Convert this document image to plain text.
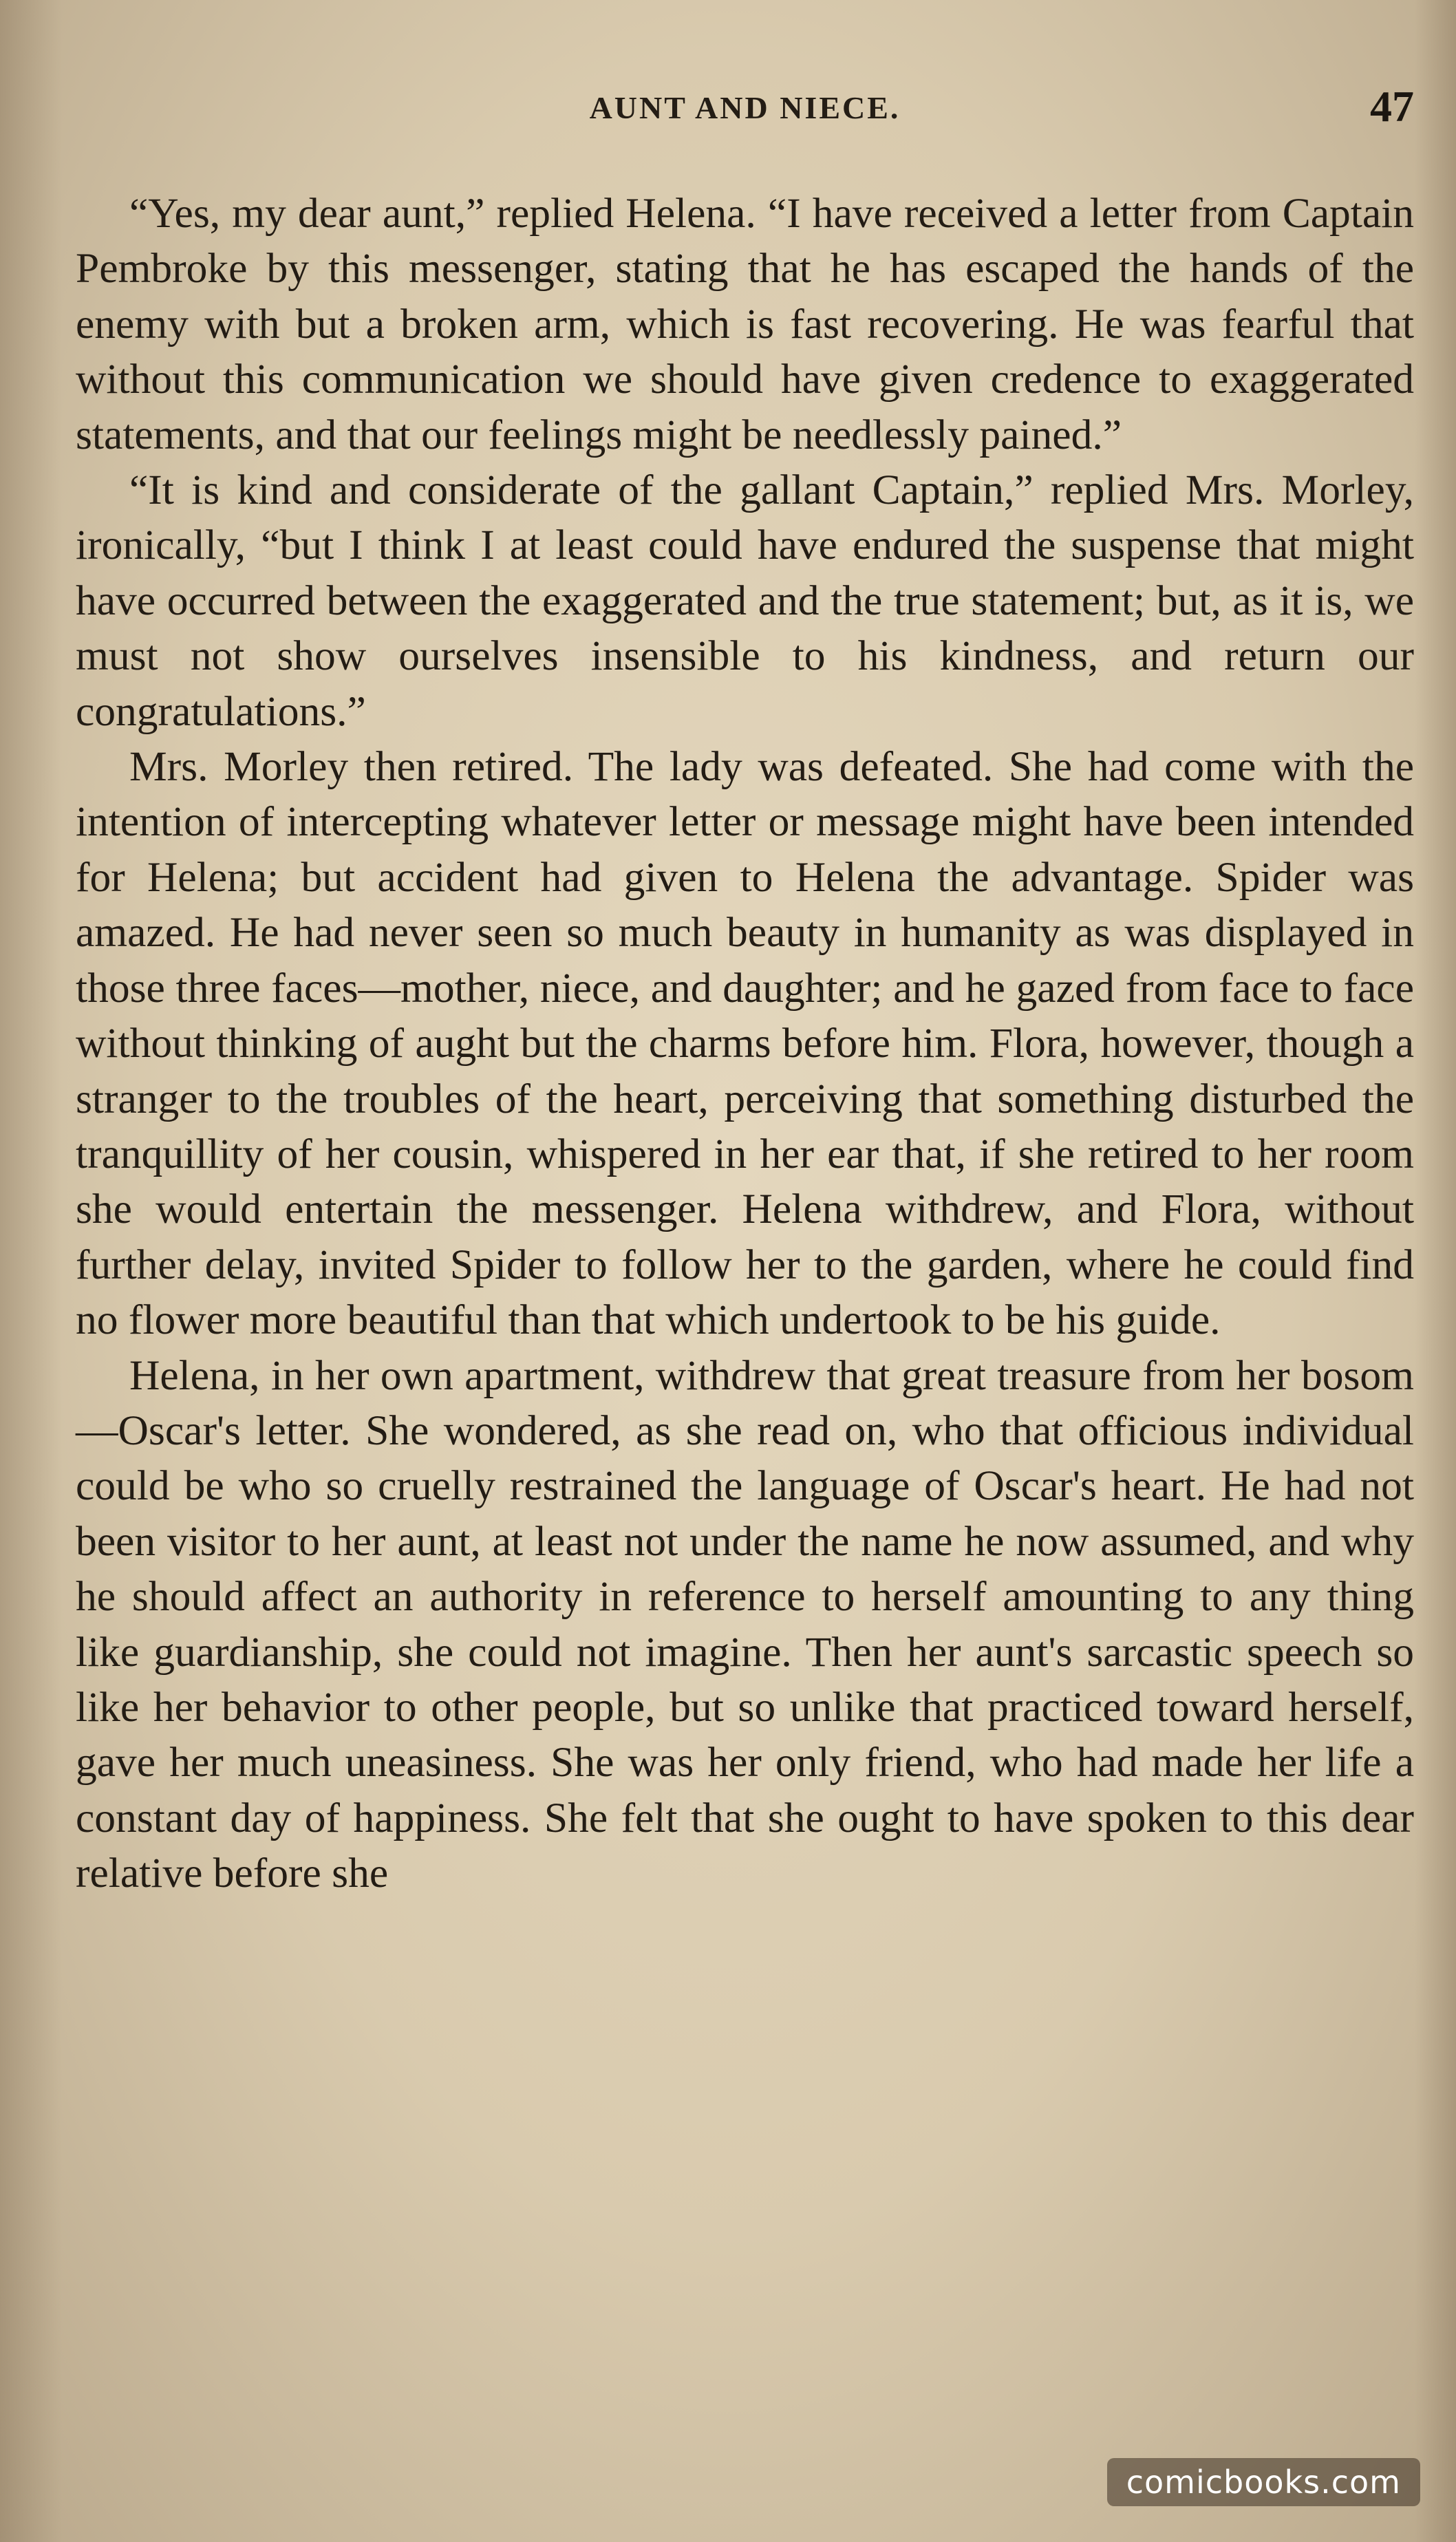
AUNT AND NIECE.	47

“Yes, my dear aunt,” replied Helena. “I have received a letter from Captain Pembroke by this messenger, stating that he has escaped the hands of the enemy with but a broken arm, which is fast recovering. He was fearful that without this communication we should have given credence to exaggerated statements, and that our feelings might be needlessly pained.”

“It is kind and considerate of the gallant Captain,” replied Mrs. Morley, ironically, “but I think I at least could have endured the suspense that might have occurred between the exaggerated and the true statement; but, as it is, we must not show ourselves insensible to his kindness, and return our congratulations.”

Mrs. Morley then retired. The lady was defeated. She had come with the intention of intercepting whatever letter or message might have been intended for Helena; but accident had given to Helena the advantage. Spider was amazed. He had never seen so much beauty in humanity as was displayed in those three faces—mother, niece, and daughter; and he gazed from face to face without thinking of aught but the charms before him. Flora, however, though a stranger to the troubles of the heart, perceiving that something disturbed the tranquillity of her cousin, whispered in her ear that, if she retired to her room she would entertain the messenger. Helena withdrew, and Flora, without further delay, invited Spider to follow her to the garden, where he could find no flower more beautiful than that which undertook to be his guide.

Helena, in her own apartment, withdrew that great treasure from her bosom—Oscar's letter. She wondered, as she read on, who that officious individual could be who so cruelly restrained the language of Oscar's heart. He had not been visitor to her aunt, at least not under the name he now assumed, and why he should affect an authority in reference to herself amounting to any thing like guardianship, she could not imagine. Then her aunt's sarcastic speech so like her behavior to other people, but so unlike that practiced toward herself, gave her much uneasiness. She was her only friend, who had made her life a constant day of happiness. She felt that she ought to have spoken to this dear relative before she

comicbooks.com
